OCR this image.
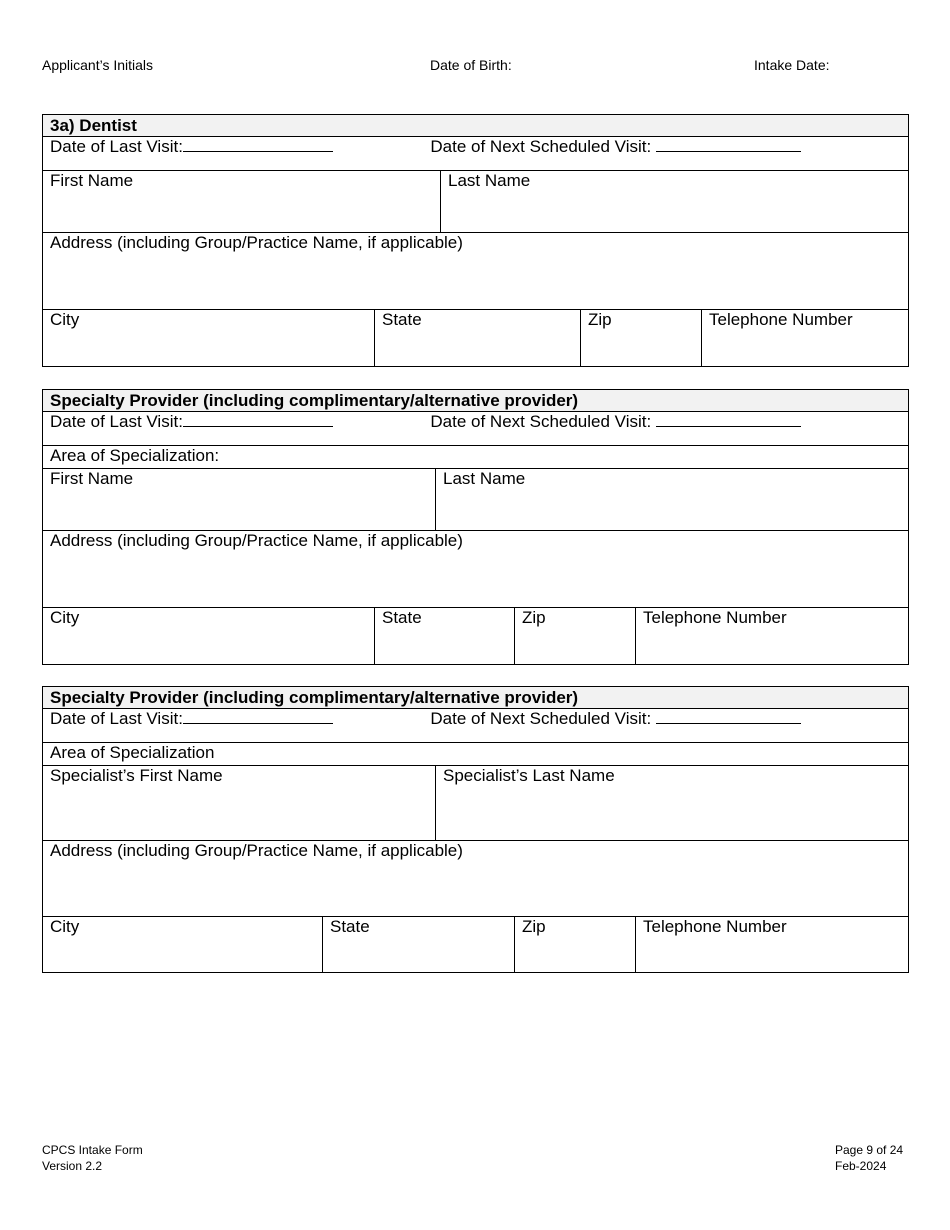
Applicant’s Initials	Date of Birth:	Intake Date:
3a) Dentist				
Date of Last Visit: Date of Next Scheduled Visit:				
First Name		Last Name		
Address (including Group/Practice Name, if applicable)				
City	State		Zip	Telephone Number
Specialty Provider (including complimentary/alternative provider)				
Date of Last Visit: Date of Next Scheduled Visit:				
Area of Specialization:				
First Name		Last Name		
Address (including Group/Practice Name, if applicable)				
City	State		Zip	Telephone Number
Specialty Provider (including complimentary/alternative provider)				
Date of Last Visit: Date of Next Scheduled Visit:				
Area of Specialization				
Specialist’s First Name		Specialist’s Last Name		
Address (including Group/Practice Name, if applicable)				
City	State		Zip	Telephone Number
CPCS Intake Form
Version 2.2
Page 9 of 24
Feb-2024
